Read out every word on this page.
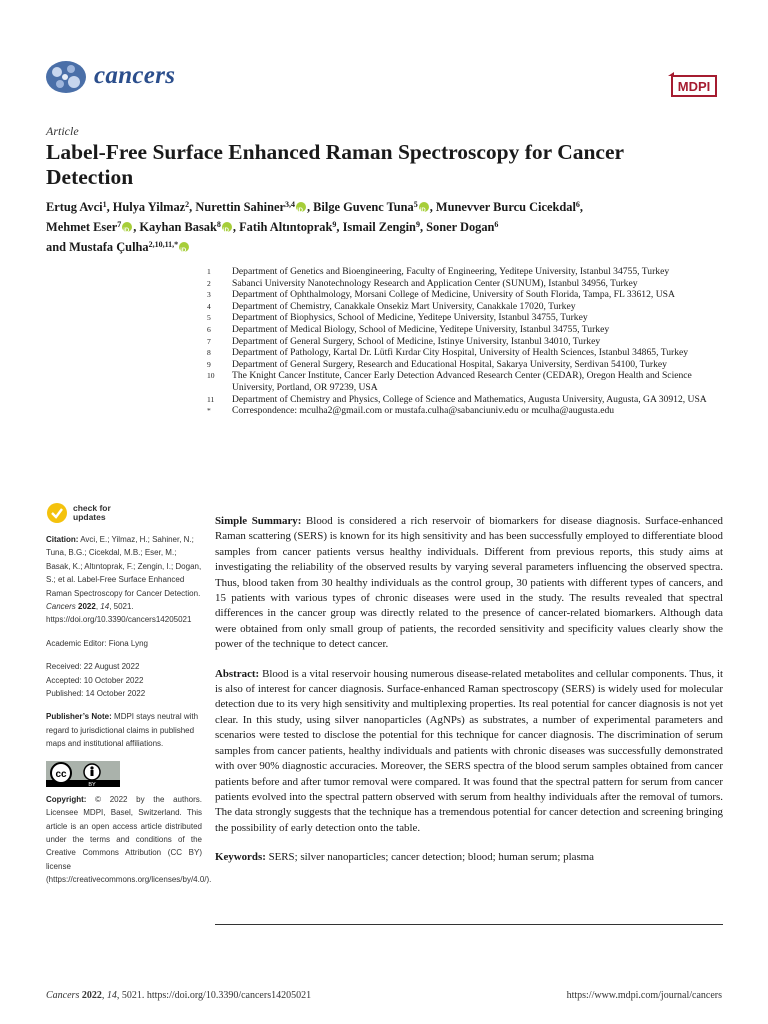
cancers	MDPI
Article
Label-Free Surface Enhanced Raman Spectroscopy for Cancer Detection
Ertug Avci$^1$, Hulya Yilmaz$^2$, Nurettin Sahiner$^{3,4}$ iD , Bilge Guvenc Tuna$^5$ iD , Munevver Burcu Cicekdal$^6$,
Mehmet Eser$^7$ iD , Kayhan Basak$^8$ iD , Fatih Altıntoprak$^9$, Ismail Zengin$^9$, Soner Dogan$^6$
and Mustafa Çulha$^{2,10,11,*}$iD
1	Department of Genetics and Bioengineering, Faculty of Engineering, Yeditepe University, Istanbul 34755, Turkey
2	Sabanci University Nanotechnology Research and Application Center (SUNUM), Istanbul 34956, Turkey
3	Department of Ophthalmology, Morsani College of Medicine, University of South Florida, Tampa, FL 33612, USA
4	Department of Chemistry, Canakkale Onsekiz Mart University, Canakkale 17020, Turkey
5	Department of Biophysics, School of Medicine, Yeditepe University, Istanbul 34755, Turkey
6	Department of Medical Biology, School of Medicine, Yeditepe University, Istanbul 34755, Turkey
7	Department of General Surgery, School of Medicine, Istinye University, Istanbul 34010, Turkey
8	Department of Pathology, Kartal Dr. Lütfi Kırdar City Hospital, University of Health Sciences, Istanbul 34865, Turkey
9	Department of General Surgery, Research and Educational Hospital, Sakarya University, Serdivan 54100, Turkey
10	The Knight Cancer Institute, Cancer Early Detection Advanced Research Center (CEDAR), Oregon Health and Science University, Portland, OR 97239, USA
11	Department of Chemistry and Physics, College of Science and Mathematics, Augusta University, Augusta, GA 30912, USA
*	Correspondence: mculha2@gmail.com or mustafa.culha@sabanciuniv.edu or mculha@augusta.edu
check for
updates

Citation: Avci, E.; Yilmaz, H.; Sahiner, N.; Tuna, B.G.; Cicekdal, M.B.; Eser, M.; Basak, K.; Altıntoprak, F.; Zengin, I.; Dogan, S.; et al. Label-Free Surface Enhanced Raman Spectroscopy for Cancer Detection. Cancers 2022, 14, 5021. https://doi.org/10.3390/cancers14205021

Academic Editor: Fiona Lyng

Received: 22 August 2022
Accepted: 10 October 2022
Published: 14 October 2022

Publisher’s Note: MDPI stays neutral with regard to jurisdictional claims in published maps and institutional affiliations.

cc
BY

Copyright: © 2022 by the authors. Licensee MDPI, Basel, Switzerland. This article is an open access article distributed under the terms and conditions of the Creative Commons Attribution (CC BY) license (https://creativecommons.org/licenses/by/4.0/).

Simple Summary: Blood is considered a rich reservoir of biomarkers for disease diagnosis. Surface-enhanced Raman scattering (SERS) is known for its high sensitivity and has been successfully employed to differentiate blood samples from cancer patients versus healthy individuals. Different from previous reports, this study aims at investigating the reliability of the observed results by varying several parameters influencing the observed spectra. Thus, blood taken from 30 healthy individuals as the control group, 30 patients with different types of cancers, and 15 patients with various types of chronic diseases were used in the study. The results revealed that spectral differences in the cancer group was directly related to the presence of cancer-related biomarkers. Although data were obtained from only small group of patients, the recorded sensitivity and specificity values clearly show the power of the technique to detect cancer.

Abstract: Blood is a vital reservoir housing numerous disease-related metabolites and cellular components. Thus, it is also of interest for cancer diagnosis. Surface-enhanced Raman spectroscopy (SERS) is widely used for molecular detection due to its very high sensitivity and multiplexing properties. Its real potential for cancer diagnosis is not yet clear. In this study, using silver nanoparticles (AgNPs) as substrates, a number of experimental parameters and scenarios were tested to disclose the potential for this technique for cancer diagnosis. The discrimination of serum samples from cancer patients, healthy individuals and patients with chronic diseases was successfully demonstrated with over 90% diagnostic accuracies. Moreover, the SERS spectra of the blood serum samples obtained from cancer patients before and after tumor removal were compared. It was found that the spectral pattern for serum from cancer patients evolved into the spectral pattern observed with serum from healthy individuals after the removal of tumors. The data strongly suggests that the technique has a tremendous potential for cancer detection and screening bringing the possibility of early detection onto the table.

Keywords: SERS; silver nanoparticles; cancer detection; blood; human serum; plasma

Cancers 2022, 14, 5021. https://doi.org/10.3390/cancers14205021	https://www.mdpi.com/journal/cancers
